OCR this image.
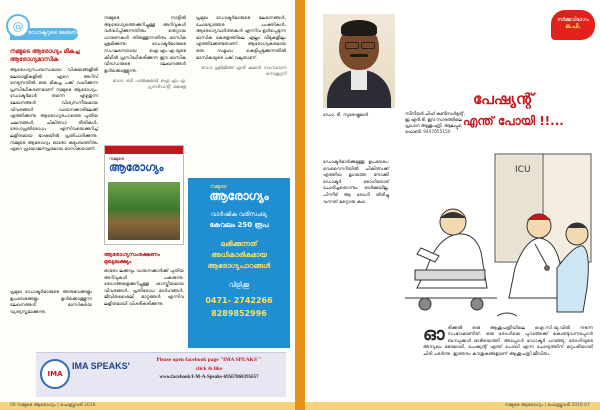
@
ഡോക്ടറുടെ ലേഖനങ്ങൾ
നമ്മുടെ ആരോഗ്യം മികച്ച ആരോഗ്യമാസിക
ആരോഗ്യസംബന്ധമായ വിഷയങ്ങളിൽ മലയാളികളിൽ ഏറെ അറിവ് നേടുന്നതിൽ ഒരു മികച്ച പങ്ക് വഹിക്കുന്ന പ്രസിദ്ധീകരണമാണ് നമ്മുടെ ആരോഗ്യം. ഡോക്ടർമാർ തന്നെ എഴുതുന്ന ലേഖനങ്ങൾ വിശ്വസനീയമായ വിവരങ്ങൾ വായനക്കാരിലേക്ക് എത്തിക്കുന്നു. ആരോഗ്യരംഗത്തെ പുതിയ ചലനങ്ങൾ, ചികിത്സാ രീതികൾ, രോഗപ്രതിരോധം എന്നിവയെക്കുറിച്ച് ലളിതമായ ഭാഷയിൽ പ്രതിപാദിക്കുന്നു. നമ്മുടെ ആരോഗ്യം ഓരോ കുടുംബത്തിനും ഏറെ പ്രയോജനപ്രദമായ മാസികയാണ്.
നമ്മുടെ നാട്ടിൽ ആരോഗ്യത്തെക്കുറിച്ചുള്ള അറിവുകൾ വർദ്ധിപ്പിക്കുന്നതിനും തെറ്റായ ധാരണകൾ തിരുത്തുന്നതിനും മാസിക ശ്രമിക്കുന്നു. ഡോക്ടർമാരുടെ സംഘടനയായ ഐ.എം.എ.യുടെ കീഴിൽ പ്രസിദ്ധീകരിക്കുന്ന ഈ മാസിക വിദഗ്ധരുടെ ലേഖനങ്ങൾ ഉൾക്കൊള്ളുന്നു.
ഡോ. ബി. പത്മകുമാർ, ഐ.എം.എ. പ്രസിഡന്റ്, കേരള
നമ്മുടെ
ആരോഗ്യം
പ്രമുഖ ഡോക്ടർമാരുടെ ലേഖനങ്ങൾ, ചോദ്യോത്തര പംക്തികൾ, ആരോഗ്യവാർത്തകൾ എന്നിവ ഉൾപ്പെടുന്ന മാസിക കേരളത്തിലെ എല്ലാ വീടുകളിലും എത്തിക്കേണ്ടതാണ്. ആരോഗ്യകരമായ ഒരു സമൂഹം കെട്ടിപ്പടുക്കുന്നതിൽ മാസികയുടെ പങ്ക് വലുതാണ്.
ഡോ. ശ്രീജിത്ത് എൻ. കുമാർ, സംസ്ഥാന സെക്രട്ടറി
നമ്മുടെ
ആരോഗ്യം
വാർഷിക വരിസംഖ്യ
കേവലം 250 രൂപ
ലഭിക്കുന്നത്
അധികാരികമായ
ആരോഗ്യപാഠങ്ങൾ
വിളിക്കൂ
0471- 2742266
8289852996
ആരോഗ്യസംരക്ഷണം മുഖ്യലക്ഷ്യം
ഓരോ ലക്കവും വായനക്കാർക്ക് പുതിയ അറിവുകൾ പകരുന്നു. രോഗങ്ങളെക്കുറിച്ചുള്ള ശാസ്ത്രീയമായ വിവരങ്ങൾ, പ്രതിരോധ മാർഗങ്ങൾ, ജീവിതശൈലി മാറ്റങ്ങൾ എന്നിവ ലളിതമായി വിശദീകരിക്കുന്നു.
പ്രമുഖ ഡോക്ടർമാരുടെ അനുഭവങ്ങളും ഉപദേശങ്ങളും ഉൾക്കൊള്ളുന്ന ലേഖനങ്ങൾ മാസികയെ വ്യത്യസ്തമാക്കുന്നു.
IMA
IMA SPEAKS'
Please open facebook page "IMA SPEAKS'"
click & like
www.facebook/I-M-A-Speaks-69567860395657
06 നമ്മുടെ ആരോഗ്യം | ഫെബ്രുവരി 2018
ഡോ. ടി. സുരേഷ്കുമാർ	സീനിയർ ചീഫ് കൺസൾട്ടന്റ്, ഇ.എൻ.ടി, ഈ നഗരത്തിലെ പ്രധാന ആശുപത്രി, ആലപ്പുഴ, ഫോൺ: 9447055150
നർമ്മവിഭാഗം
ഒ.പി.
പേഷ്യന്റ്
എന്ത് പോയി !!...
ഡോക്ടർമാർക്കുമുള്ള ഉപദേശം: വെറൈനറിയിൽ ചികിത്സക്ക് എത്തിയ മൃഗത്തെ നോക്കി ഡോക്ടർ രോഗിയോട് ചോദിച്ചതൊന്നും ഓർമ്മയില്ല. പിന്നീട് ആ രോഗി തിരിച്ചു വന്നത് മറ്റൊരു കഥ.
ICU
ഓ രിക്കൽ ഒരു ആശുപത്രിയിലെ ഐ.സി.യു.വിൽ നടന്ന സംഭവമാണിത്. ഒരു രോഗിയെ പുറത്തേക്ക് കൊണ്ടുവന്നപ്പോൾ ബന്ധുക്കൾ ഓടിയെത്തി. അപ്പോൾ ഡോക്ടർ പറഞ്ഞു: രോഗിയുടെ അസുഖം ഭേദമായി, പേഷ്യന്റ് എന്ത് പോയി എന്ന ചോദ്യത്തിന് മറുപടിയായി ചിരി പടർന്നു. ഇത്തരം കൗതുകങ്ങളാണ് ആശുപത്രി ജീവിതം.
നമ്മുടെ ആരോഗ്യം | ഫെബ്രുവരി 2018 07
